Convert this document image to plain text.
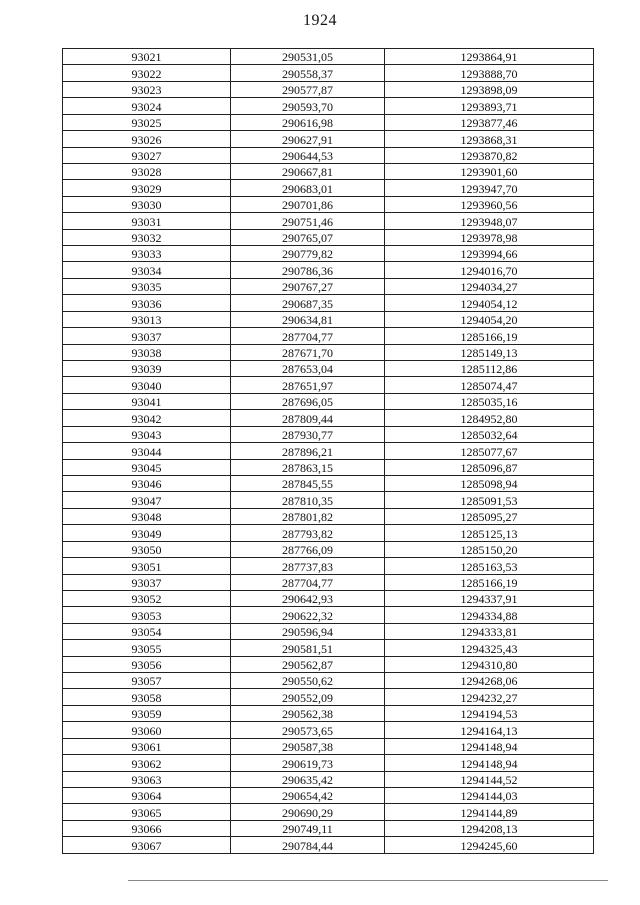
1924
93021	290531,05	1293864,91
93022	290558,37	1293888,70
93023	290577,87	1293898,09
93024	290593,70	1293893,71
93025	290616,98	1293877,46
93026	290627,91	1293868,31
93027	290644,53	1293870,82
93028	290667,81	1293901,60
93029	290683,01	1293947,70
93030	290701,86	1293960,56
93031	290751,46	1293948,07
93032	290765,07	1293978,98
93033	290779,82	1293994,66
93034	290786,36	1294016,70
93035	290767,27	1294034,27
93036	290687,35	1294054,12
93013	290634,81	1294054,20
93037	287704,77	1285166,19
93038	287671,70	1285149,13
93039	287653,04	1285112,86
93040	287651,97	1285074,47
93041	287696,05	1285035,16
93042	287809,44	1284952,80
93043	287930,77	1285032,64
93044	287896,21	1285077,67
93045	287863,15	1285096,87
93046	287845,55	1285098,94
93047	287810,35	1285091,53
93048	287801,82	1285095,27
93049	287793,82	1285125,13
93050	287766,09	1285150,20
93051	287737,83	1285163,53
93037	287704,77	1285166,19
93052	290642,93	1294337,91
93053	290622,32	1294334,88
93054	290596,94	1294333,81
93055	290581,51	1294325,43
93056	290562,87	1294310,80
93057	290550,62	1294268,06
93058	290552,09	1294232,27
93059	290562,38	1294194,53
93060	290573,65	1294164,13
93061	290587,38	1294148,94
93062	290619,73	1294148,94
93063	290635,42	1294144,52
93064	290654,42	1294144,03
93065	290690,29	1294144,89
93066	290749,11	1294208,13
93067	290784,44	1294245,60
